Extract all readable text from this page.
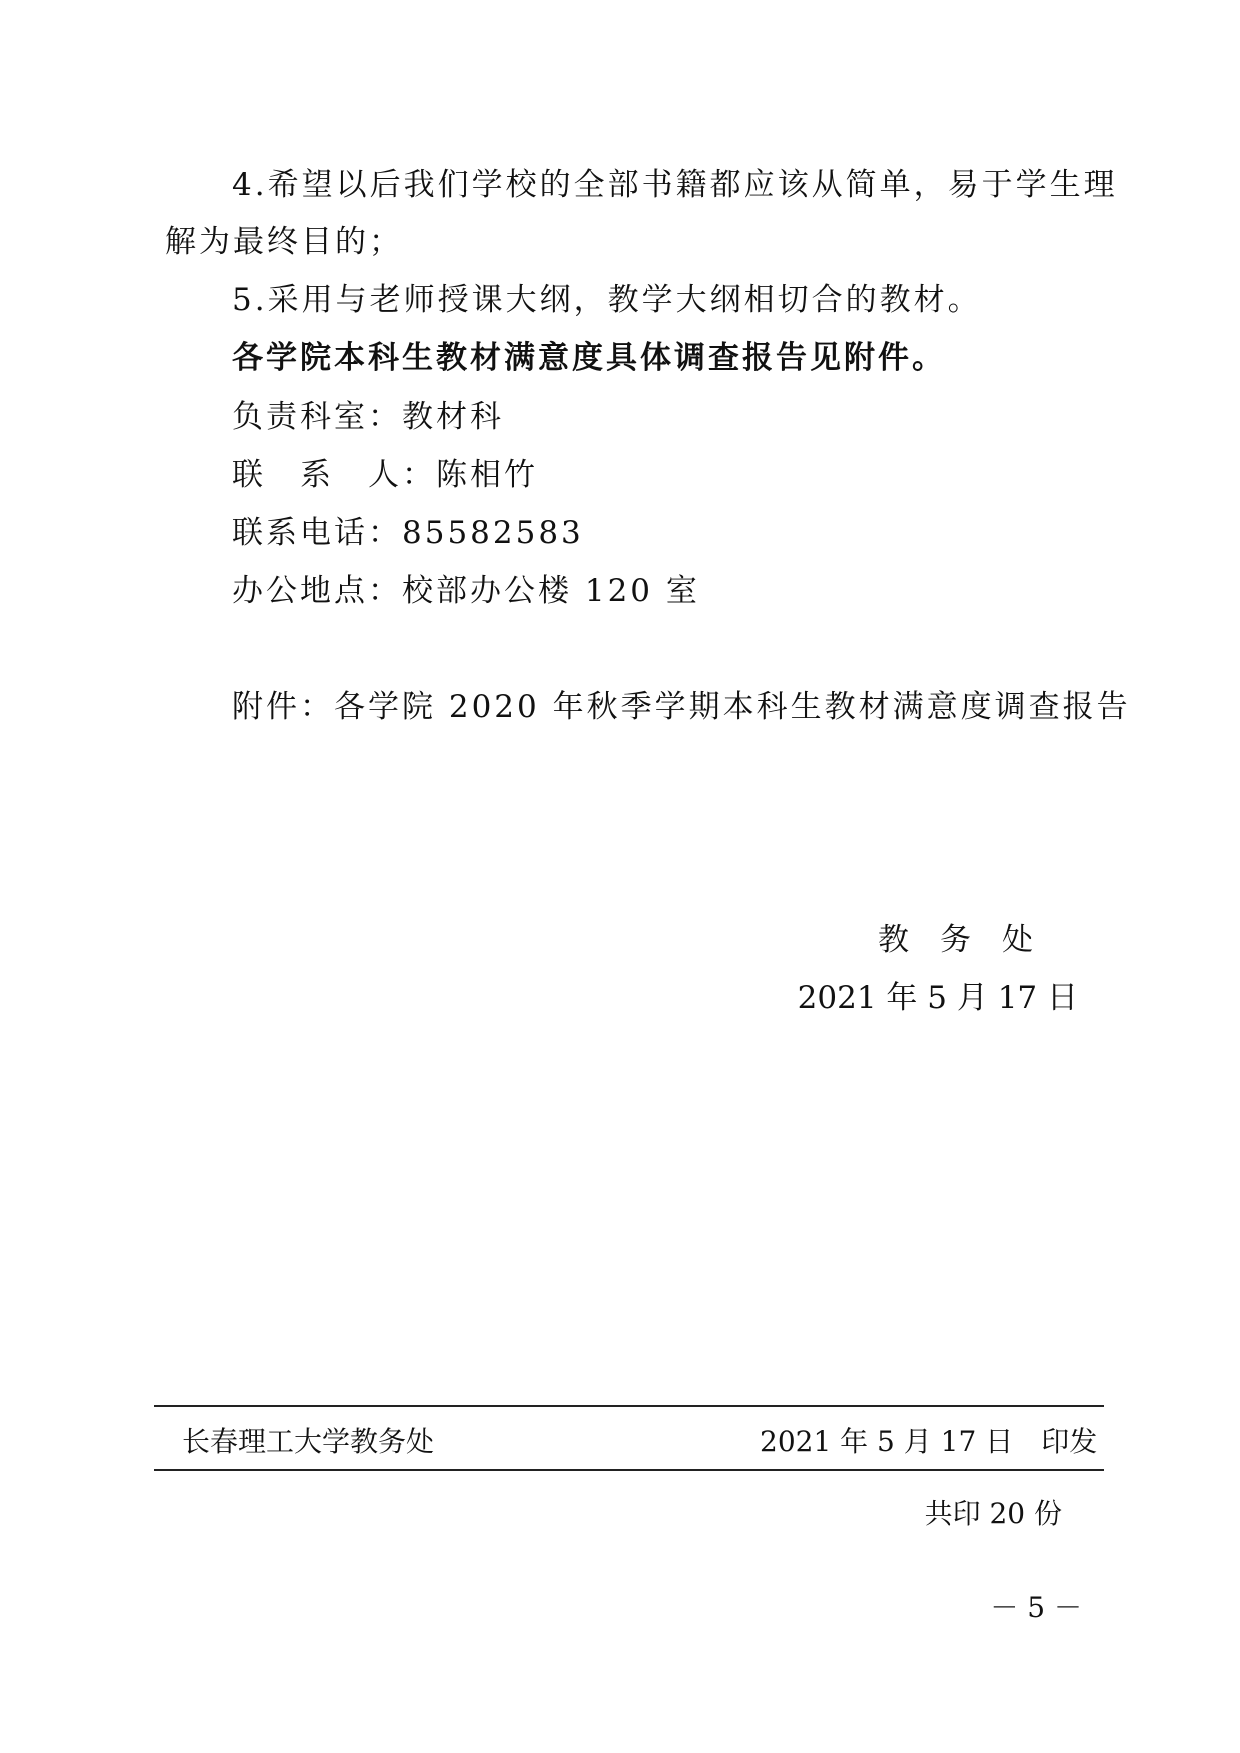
4.希望以后我们学校的全部书籍都应该从简单，易于学生理
解为最终目的；
5.采用与老师授课大纲，教学大纲相切合的教材。
各学院本科生教材满意度具体调查报告见附件。
负责科室：教材科
联　系　人：陈相竹
联系电话：85582583
办公地点：校部办公楼 120 室
附件：各学院 2020 年秋季学期本科生教材满意度调查报告
教　务　处
2021 年 5 月 17 日
长春理工大学教务处	2021 年 5 月 17 日　印发
共印 20 份
－ 5 －
